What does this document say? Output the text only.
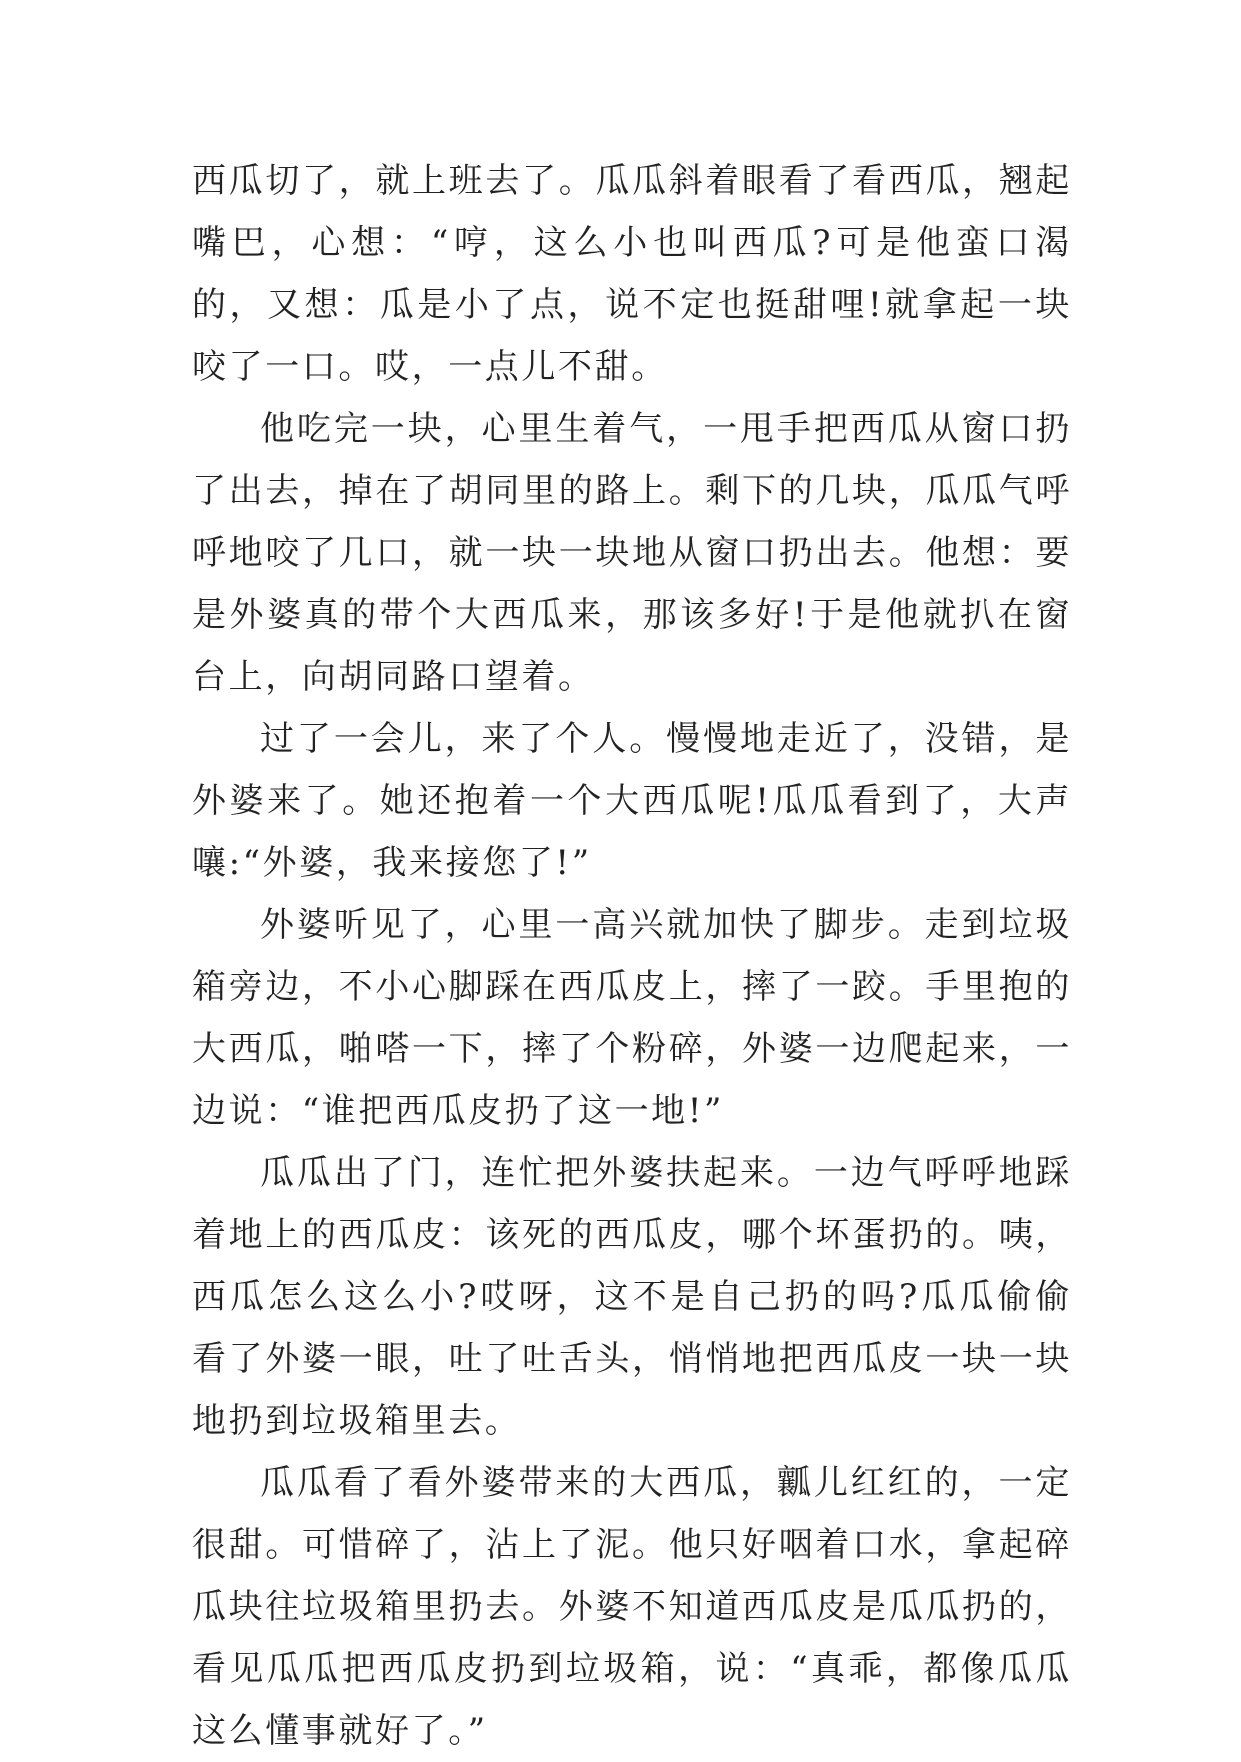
西瓜切了，就上班去了。瓜瓜斜着眼看了看西瓜，翘起嘴巴，心想：“哼，这么小也叫西瓜?可是他蛮口渴的，又想：瓜是小了点，说不定也挺甜哩!就拿起一块咬了一口。哎，一点儿不甜。

他吃完一块，心里生着气，一甩手把西瓜从窗口扔了出去，掉在了胡同里的路上。剩下的几块，瓜瓜气呼呼地咬了几口，就一块一块地从窗口扔出去。他想：要是外婆真的带个大西瓜来，那该多好!于是他就扒在窗台上，向胡同路口望着。

过了一会儿，来了个人。慢慢地走近了，没错，是外婆来了。她还抱着一个大西瓜呢!瓜瓜看到了，大声嚷:“外婆，我来接您了!”

外婆听见了，心里一高兴就加快了脚步。走到垃圾箱旁边，不小心脚踩在西瓜皮上，摔了一跤。手里抱的大西瓜，啪嗒一下，摔了个粉碎，外婆一边爬起来，一边说：“谁把西瓜皮扔了这一地!”

瓜瓜出了门，连忙把外婆扶起来。一边气呼呼地踩着地上的西瓜皮：该死的西瓜皮，哪个坏蛋扔的。咦，西瓜怎么这么小?哎呀，这不是自己扔的吗?瓜瓜偷偷看了外婆一眼，吐了吐舌头，悄悄地把西瓜皮一块一块地扔到垃圾箱里去。

瓜瓜看了看外婆带来的大西瓜，瓤儿红红的，一定很甜。可惜碎了，沾上了泥。他只好咽着口水，拿起碎瓜块往垃圾箱里扔去。外婆不知道西瓜皮是瓜瓜扔的，看见瓜瓜把西瓜皮扔到垃圾箱，说：“真乖，都像瓜瓜这么懂事就好了。”
